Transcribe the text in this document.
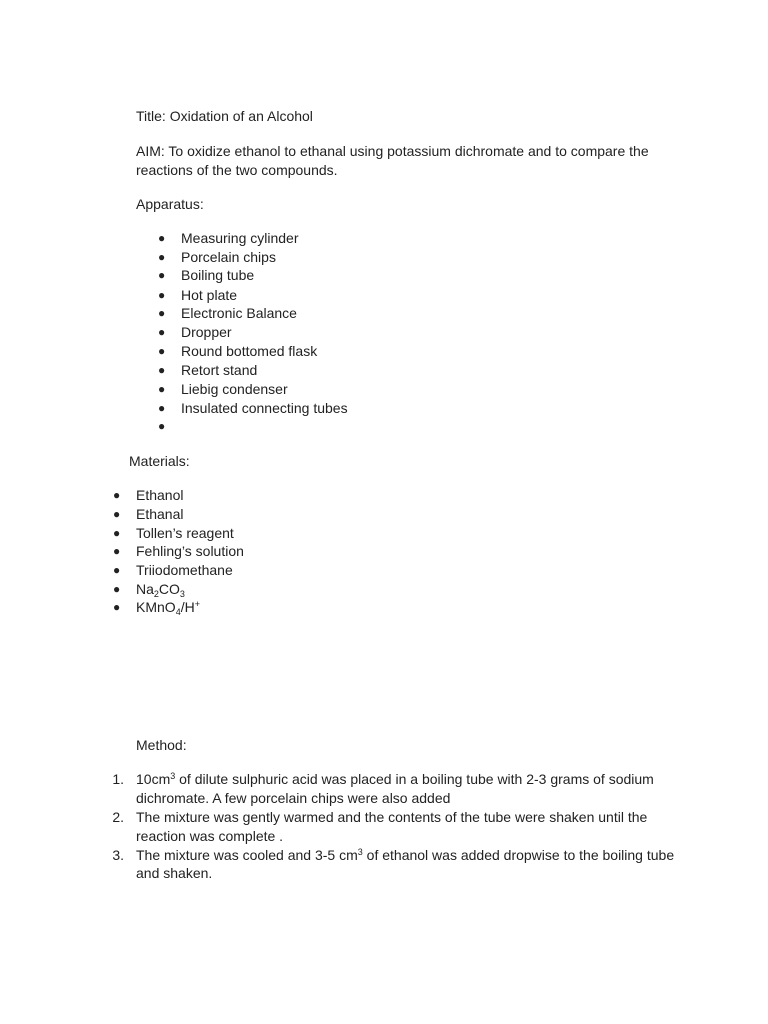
Title: Oxidation of an Alcohol
AIM: To oxidize ethanol to ethanal using potassium dichromate and to compare the
reactions of the two compounds.
Apparatus:
● Measuring cylinder
● Porcelain chips
● Boiling tube
● Hot plate
● Electronic Balance
● Dropper
● Round bottomed flask
● Retort stand
● Liebig condenser
● Insulated connecting tubes
●
Materials:
● Ethanol
● Ethanal
● Tollen’s reagent
● Fehling’s solution
● Triiodomethane
● $Na_2CO_3$
● KMnO$_4$/H+
Method:
1. $10cm^3$ of dilute sulphuric acid was placed in a boiling tube with 2-3 grams of sodium
dichromate. A few porcelain chips were also added
2. The mixture was gently warmed and the contents of the tube were shaken until the
reaction was complete .
3. The mixture was cooled and 3-5 $cm^3$ of ethanol was added dropwise to the boiling tube
and shaken.
